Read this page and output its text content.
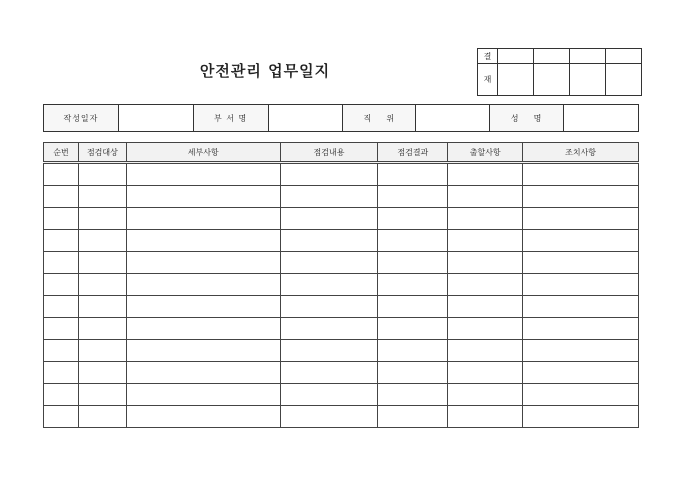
안전관리 업무일지
결				
재				
작성일자		부 서 명		직    위		성    명	
순번	점검대상	세부사항	점검내용	점검결과	출할사항	조치사항
